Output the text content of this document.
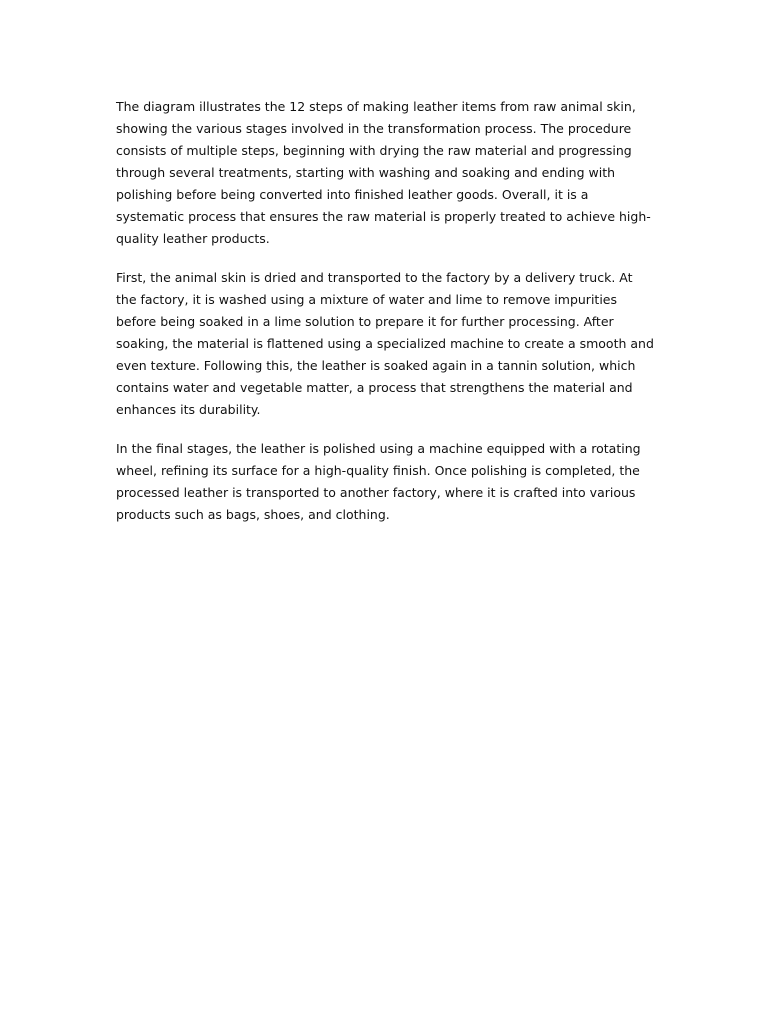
The diagram illustrates the 12 steps of making leather items from raw animal skin, showing the various stages involved in the transformation process. The procedure consists of multiple steps, beginning with drying the raw material and progressing through several treatments, starting with washing and soaking and ending with polishing before being converted into finished leather goods. Overall, it is a systematic process that ensures the raw material is properly treated to achieve high-quality leather products.

First, the animal skin is dried and transported to the factory by a delivery truck. At the factory, it is washed using a mixture of water and lime to remove impurities before being soaked in a lime solution to prepare it for further processing. After soaking, the material is flattened using a specialized machine to create a smooth and even texture. Following this, the leather is soaked again in a tannin solution, which contains water and vegetable matter, a process that strengthens the material and enhances its durability.

In the final stages, the leather is polished using a machine equipped with a rotating wheel, refining its surface for a high-quality finish. Once polishing is completed, the processed leather is transported to another factory, where it is crafted into various products such as bags, shoes, and clothing.
